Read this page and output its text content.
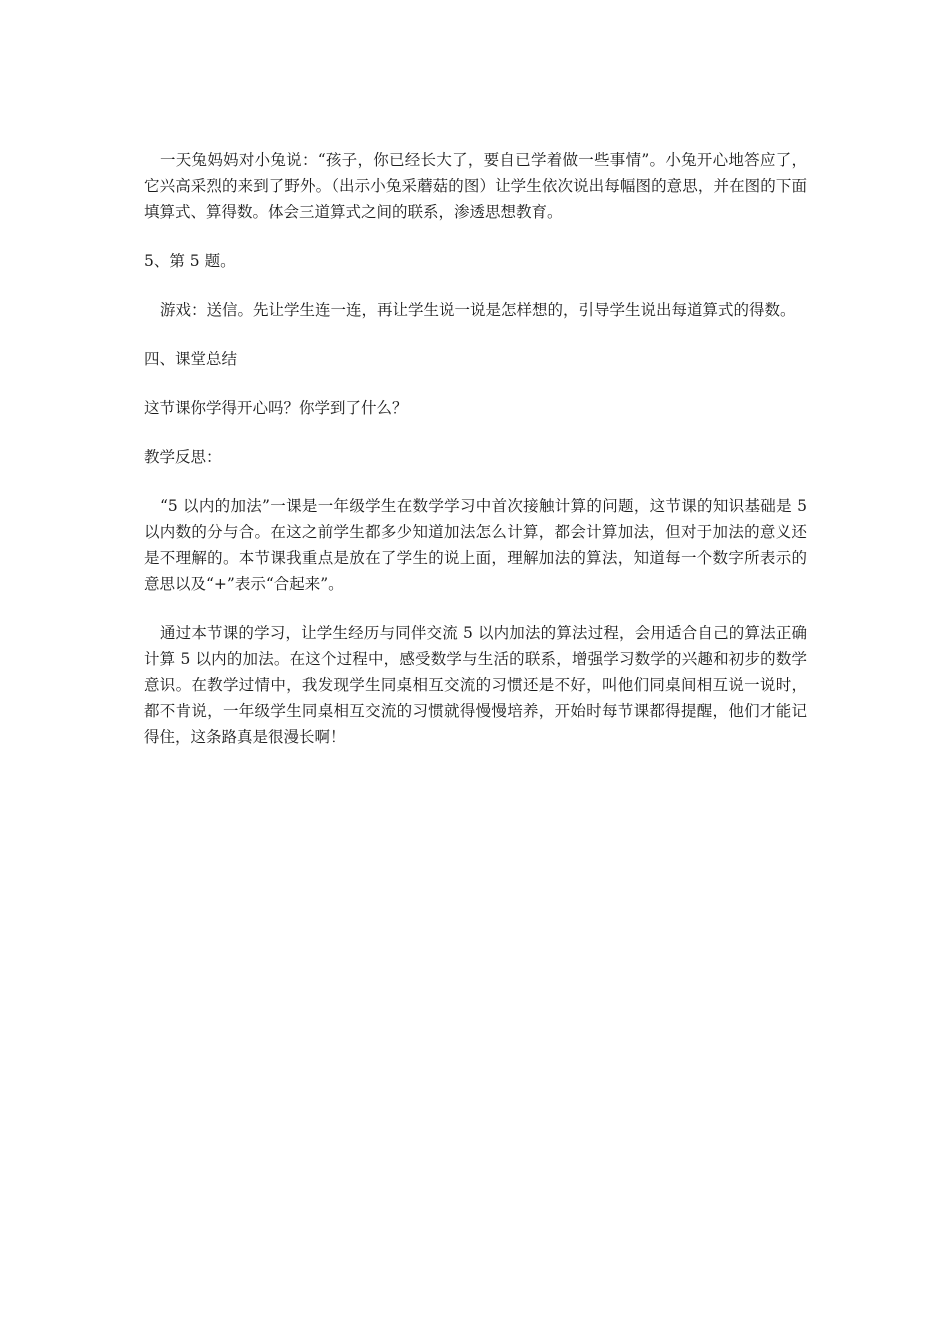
一天兔妈妈对小兔说：“孩子，你已经长大了，要自已学着做一些事情”。小兔开心地答应了，它兴高采烈的来到了野外。（出示小兔采蘑菇的图）让学生依次说出每幅图的意思，并在图的下面填算式、算得数。体会三道算式之间的联系，渗透思想教育。

5、第 5 题。

游戏：送信。先让学生连一连，再让学生说一说是怎样想的，引导学生说出每道算式的得数。

四、课堂总结

这节课你学得开心吗？你学到了什么？

教学反思：

“5 以内的加法”一课是一年级学生在数学学习中首次接触计算的问题，这节课的知识基础是 5 以内数的分与合。在这之前学生都多少知道加法怎么计算，都会计算加法，但对于加法的意义还是不理解的。本节课我重点是放在了学生的说上面，理解加法的算法，知道每一个数字所表示的意思以及“+”表示“合起来”。

通过本节课的学习，让学生经历与同伴交流 5 以内加法的算法过程，会用适合自己的算法正确计算 5 以内的加法。在这个过程中，感受数学与生活的联系，增强学习数学的兴趣和初步的数学意识。在教学过情中，我发现学生同桌相互交流的习惯还是不好，叫他们同桌间相互说一说时，都不肯说，一年级学生同桌相互交流的习惯就得慢慢培养，开始时每节课都得提醒，他们才能记得住，这条路真是很漫长啊！
